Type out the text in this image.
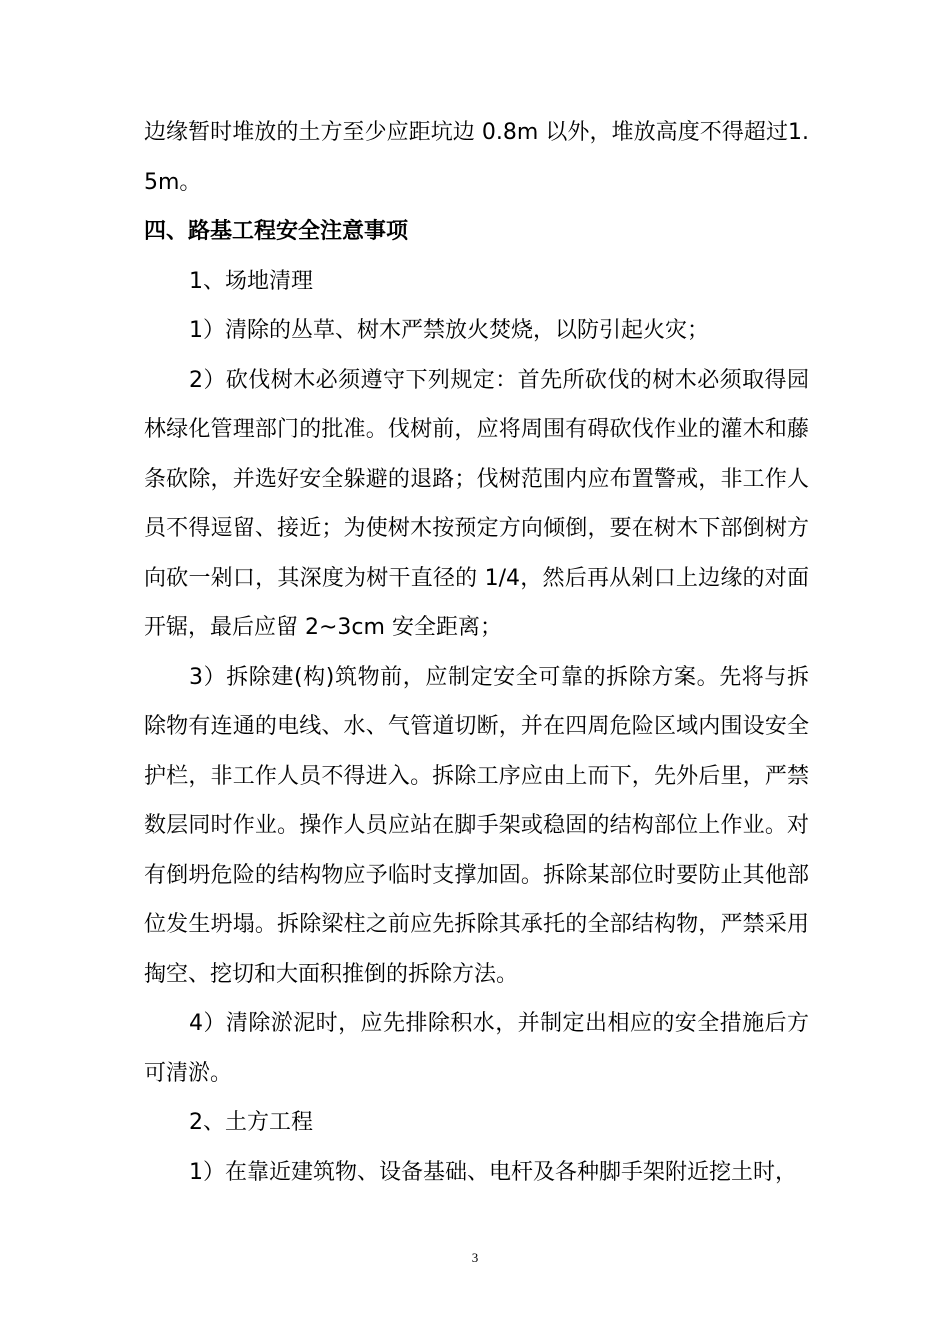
边缘暂时堆放的土方至少应距坑边 0.8m 以外，堆放高度不得超过1.5m。

四、路基工程安全注意事项

1、场地清理

1）清除的丛草、树木严禁放火焚烧，以防引起火灾；

2）砍伐树木必须遵守下列规定：首先所砍伐的树木必须取得园林绿化管理部门的批准。伐树前，应将周围有碍砍伐作业的灌木和藤条砍除，并选好安全躲避的退路；伐树范围内应布置警戒，非工作人员不得逗留、接近；为使树木按预定方向倾倒，要在树木下部倒树方向砍一剁口，其深度为树干直径的 1/4，然后再从剁口上边缘的对面开锯，最后应留 2~3cm 安全距离；

3）拆除建(构)筑物前，应制定安全可靠的拆除方案。先将与拆除物有连通的电线、水、气管道切断，并在四周危险区域内围设安全护栏，非工作人员不得进入。拆除工序应由上而下，先外后里，严禁数层同时作业。操作人员应站在脚手架或稳固的结构部位上作业。对有倒坍危险的结构物应予临时支撑加固。拆除某部位时要防止其他部位发生坍塌。拆除梁柱之前应先拆除其承托的全部结构物，严禁采用掏空、挖切和大面积推倒的拆除方法。

4）清除淤泥时，应先排除积水，并制定出相应的安全措施后方可清淤。

2、土方工程

1）在靠近建筑物、设备基础、电杆及各种脚手架附近挖土时，

3
